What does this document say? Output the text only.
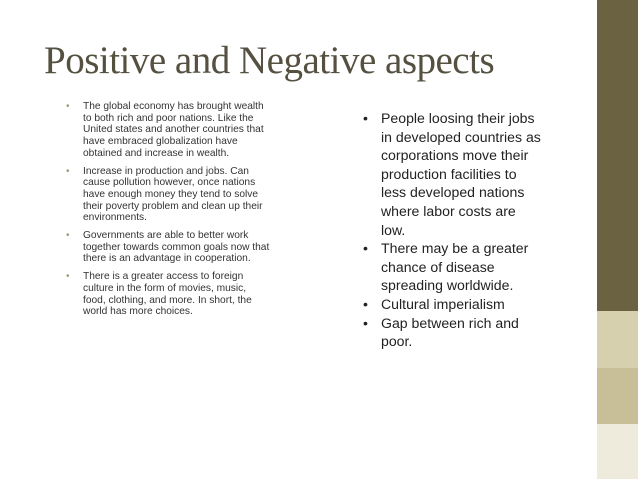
Positive and Negative aspects
• The global economy has brought wealth to both rich and poor nations. Like the United states and another countries that have embraced globalization have obtained and increase in wealth.
• Increase in production and jobs. Can cause pollution however, once nations have enough money they tend to solve their poverty problem and clean up their environments.
• Governments are able to better work together towards common goals now that there is an advantage in cooperation.
• There is a greater access to foreign culture in the form of movies, music, food, clothing, and more. In short, the world has more choices.
• People loosing their jobs in developed countries as corporations move their production facilities to less developed nations where labor costs are low.
• There may be a greater chance of disease spreading worldwide.
• Cultural imperialism
• Gap between rich and poor.
